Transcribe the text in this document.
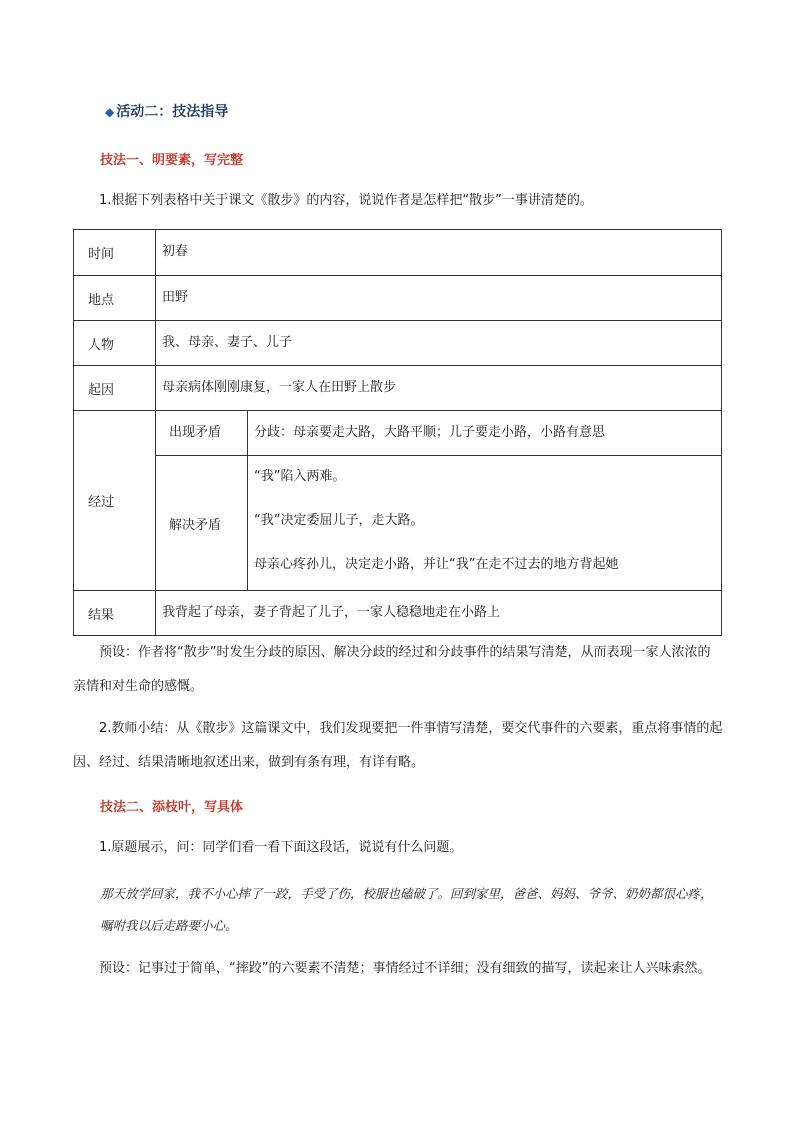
◆ 活动二：技法指导
技法一、明要素，写完整
1.根据下列表格中关于课文《散步》的内容，说说作者是怎样把“散步”一事讲清楚的。
时间	初春	
地点	田野	
人物	我、母亲、妻子、儿子	
起因	母亲病体刚刚康复，一家人在田野上散步	
经过	出现矛盾	分歧：母亲要走大路，大路平顺；儿子要走小路，小路有意思
	解决矛盾	“我”陷入两难。

“我”决定委屈儿子，走大路。

母亲心疼孙儿，决定走小路，并让“我”在走不过去的地方背起她

结果	我背起了母亲，妻子背起了儿子，一家人稳稳地走在小路上	
预设：作者将“散步”时发生分歧的原因、解决分歧的经过和分歧事件的结果写清楚，从而表现一家人浓浓的亲情和对生命的感慨。
2.教师小结：从《散步》这篇课文中，我们发现要把一件事情写清楚，要交代事件的六要素，重点将事情的起因、经过、结果清晰地叙述出来，做到有条有理，有详有略。
技法二、添枝叶，写具体
1.原题展示，问：同学们看一看下面这段话，说说有什么问题。
那天放学回家，我不小心摔了一跤，手受了伤，校服也磕破了。回到家里，爸爸、妈妈、爷爷、奶奶都很心疼，嘱咐我以后走路要小心。
预设：记事过于简单，“摔跤”的六要素不清楚；事情经过不详细；没有细致的描写，读起来让人兴味索然。
